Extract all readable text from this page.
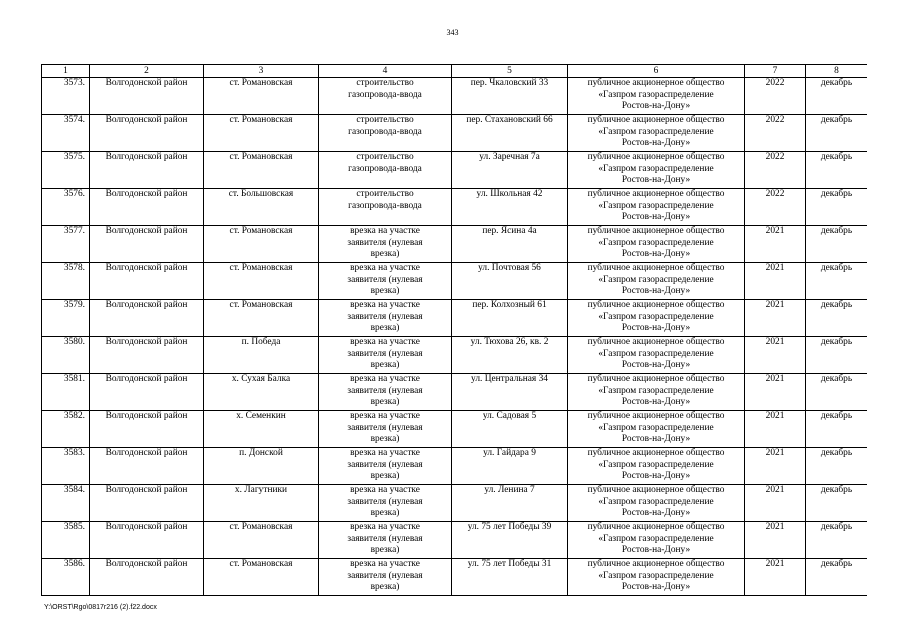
343
1	2	3	4	5	6	7	8
3573.	Волгодонской район	ст. Романовская	строительство
газопровода-ввода	пер. Чкаловский 33	публичное акционерное общество
«Газпром газораспределение
Ростов-на-Дону»	2022	декабрь
3574.	Волгодонской район	ст. Романовская	строительство
газопровода-ввода	пер. Стахановский 66	публичное акционерное общество
«Газпром газораспределение
Ростов-на-Дону»	2022	декабрь
3575.	Волгодонской район	ст. Романовская	строительство
газопровода-ввода	ул. Заречная 7а	публичное акционерное общество
«Газпром газораспределение
Ростов-на-Дону»	2022	декабрь
3576.	Волгодонской район	ст. Большовская	строительство
газопровода-ввода	ул. Школьная 42	публичное акционерное общество
«Газпром газораспределение
Ростов-на-Дону»	2022	декабрь
3577.	Волгодонской район	ст. Романовская	врезка на участке
заявителя (нулевая
врезка)	пер. Ясина 4а	публичное акционерное общество
«Газпром газораспределение
Ростов-на-Дону»	2021	декабрь
3578.	Волгодонской район	ст. Романовская	врезка на участке
заявителя (нулевая
врезка)	ул. Почтовая 56	публичное акционерное общество
«Газпром газораспределение
Ростов-на-Дону»	2021	декабрь
3579.	Волгодонской район	ст. Романовская	врезка на участке
заявителя (нулевая
врезка)	пер. Колхозный 61	публичное акционерное общество
«Газпром газораспределение
Ростов-на-Дону»	2021	декабрь
3580.	Волгодонской район	п. Победа	врезка на участке
заявителя (нулевая
врезка)	ул. Тюхова 26, кв. 2	публичное акционерное общество
«Газпром газораспределение
Ростов-на-Дону»	2021	декабрь
3581.	Волгодонской район	х. Сухая Балка	врезка на участке
заявителя (нулевая
врезка)	ул. Центральная 34	публичное акционерное общество
«Газпром газораспределение
Ростов-на-Дону»	2021	декабрь
3582.	Волгодонской район	х. Семенкин	врезка на участке
заявителя (нулевая
врезка)	ул. Садовая 5	публичное акционерное общество
«Газпром газораспределение
Ростов-на-Дону»	2021	декабрь
3583.	Волгодонской район	п. Донской	врезка на участке
заявителя (нулевая
врезка)	ул. Гайдара 9	публичное акционерное общество
«Газпром газораспределение
Ростов-на-Дону»	2021	декабрь
3584.	Волгодонской район	х. Лагутники	врезка на участке
заявителя (нулевая
врезка)	ул. Ленина 7	публичное акционерное общество
«Газпром газораспределение
Ростов-на-Дону»	2021	декабрь
3585.	Волгодонской район	ст. Романовская	врезка на участке
заявителя (нулевая
врезка)	ул. 75 лет Победы 39	публичное акционерное общество
«Газпром газораспределение
Ростов-на-Дону»	2021	декабрь
3586.	Волгодонской район	ст. Романовская	врезка на участке
заявителя (нулевая
врезка)	ул. 75 лет Победы 31	публичное акционерное общество
«Газпром газораспределение
Ростов-на-Дону»	2021	декабрь
Y:\ORST\Rgo\0817r216 (2).f22.docx
